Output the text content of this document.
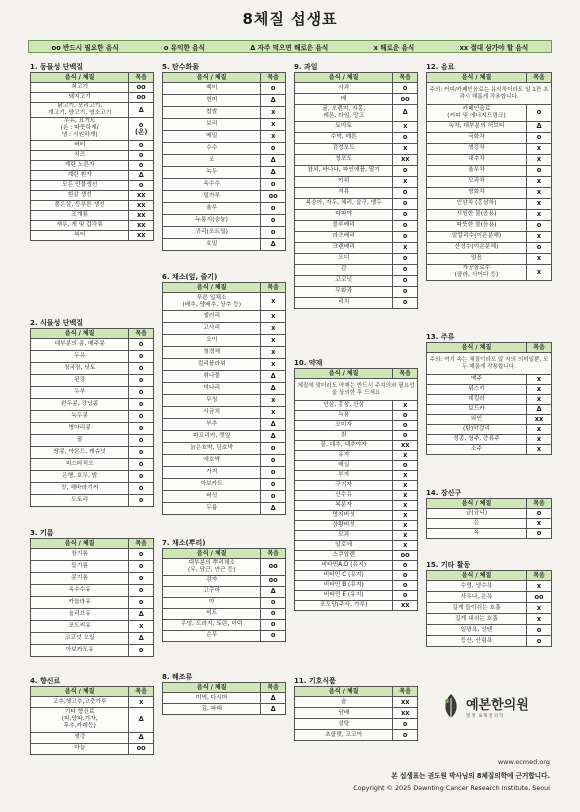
8체질 섭생표
oo 반드시 필요한 음식	o 유익한 음식	Δ 자주 먹으면 해로운 음식	x 해로운 음식	xx 절대 삼가야 할 음식
1. 동물성 단백질
음식 / 체질	목음
쇠고기	oo
돼지고기	oo
닭고기, 오리고기,
개고기, 양고기, 염소고기	Δ
우유, 요거트
(온 : 따뜻하게/
냉 : 시원하게)	o
(온)
버터	o
치즈	o
계란 노른자	o
계란 흰자	Δ
모든 민물생선	o
흰살 생선	xx
붉은살, 등푸른 생선	xx
조개류	xx
새우, 게 및 갑각류	xx
복어	xx
2. 식물성 단백질
음식 / 체질	목음
대부분의 콩, 메주콩	o
두유	o
청국장, 낫토	o
된장	o
두부	o
완두콩, 강낭콩	o
녹두콩	o
병아리콩	o
팥	o
땅콩, 아몬드, 캐슈넛	o
피스타치오	o
은행, 호두, 밤	o
잣, 해바라기씨	o
도토리	o
3. 기름
음식 / 체질	목음
참기름	o
들기름	o
콩기름	o
옥수수유	o
카놀라유	o
올리브유	Δ
포도씨유	x
코코넛 오일	Δ
아보카도유	o
4. 향신료
음식 / 체질	목음
고추,햇고추,고춧가루	x
기타 향신료
(파,양파,겨자,
후추,카레등)	Δ
생강	Δ
마늘	oo
5. 탄수화물
음식 / 체질	목음
백미	o
현미	Δ
찹쌀	x
보리	x
메밀	x
수수	o
조	Δ
녹두	Δ
옥수수	o
밀가루	oo
율무	o
누룽지(숭늉)	o
귀리(오트밀)	o
호밀	Δ
6. 채소(잎, 줄기)
음식 / 체질	목음
푸른 잎채소
(배추, 양배추, 상추 등)	x
셀러리	x
고사리	x
오이	x
청경채	x
컬리플라워	x
취나물	Δ
미나리	Δ
무청	x
시금치	x
부추	Δ
파프리카, 깻잎	Δ
늙은호박, 단호박	o
애호박	o
가지	o
아보카도	o
버섯	o
두릅	Δ
7. 채소(뿌리)
음식 / 체질	목음
대부분의 뿌리채소
(무, 당근, 연근 등)	oo
감자	oo
고구마	Δ
마	o
비트	o
우엉, 도라지, 토란, 더덕	o
순무	o
8. 해조류
음식 / 체질	목음
미역, 다시마	Δ
김, 파래	Δ
9. 과일
음식 / 체질	목음
사과	o
배	oo
귤, 오렌지, 자몽,
레몬, 라임, 망고	Δ
토마토	x
수박, 메론	o
검정포도	x
청포도	xx
참외, 바나나, 파인애플, 딸기	o
키위	x
석류	o
복숭아, 자두, 체리, 살구, 앵두	o
파파야	o
블루베리	o
라즈베리	o
크랜베리	x
오디	o
감	o
코코넛	o
무화과	o
리치	o
10. 약재
음식 / 체질	목음
체질에 맞더라도 약재는 반드시 주치의와 필요성을 상의한 후 드세요	
인삼, 홍삼, 산삼	x
녹용	o
오미자	o
칡	o
꿀, 대추, 대추야자	xx
유자	x
매실	o
부자	x
구기자	x
산수유	x
복분자	x
영지버섯	x
상황버섯	x
모과	x
알로에	x
스쿠알렌	oo
비타민A,D (유지)	o
비타민 C (유지)	o
비타민 B (유지)	o
비타민 E (유지)	o
포도당(주사, 가루)	xx
11. 기호식품
음식 / 체질	목음
술	xx
담배	xx
설탕	o
초콜렛, 코코아	o
12. 음료
음식 / 체질	목음
주의: 커피/카페인음료는 유익하더라도 일 1잔 초과시 해롭게 작용합니다.	
카페인음료
(커피 및 에너지드링크)	o
녹차, 대부분의 허브티	Δ
국화차	o
생강차	x
대추차	x
율무차	o
모과차	x
쌍화차	x
인삼차 (홍삼차)	x
시원한 물(음용)	x
따뜻한 물(음용)	o
알칼리수(이온분해)	x
산성수(이온분해)	o
얼음	x
가공음료수
(콜라, 사이다 등)	x
13. 주류
음식 / 체질	목음
주의: 여기 속는 체질이라도 알 자의 의미일뿐, 모두 해롭게 작용합니다.	
맥주	x
위스키	x
데킬라	x
보드카	Δ
와인	xx
(탕)막걸리	x
정종, 청주, 증류주	x
소주	x
14. 장신구
음식 / 체질	목음
금(금니)	o
은	x
옥	o
15. 기타 활동
음식 / 체질	목음
수영, 냉수욕	x
사우나, 온욕	oo
길게 들이쉬는 호흡	x
길게 내쉬는 호흡	x
일광욕, 선텐	o
등산, 산림욕	o
예본한의원
열정 8체질의학
www.ecmed.org
본 섭생표는 권도원 박사님의 8체질의학에 근거합니다.
Copyright © 2025 Dawnting Cancer Research Institute, Seoul
